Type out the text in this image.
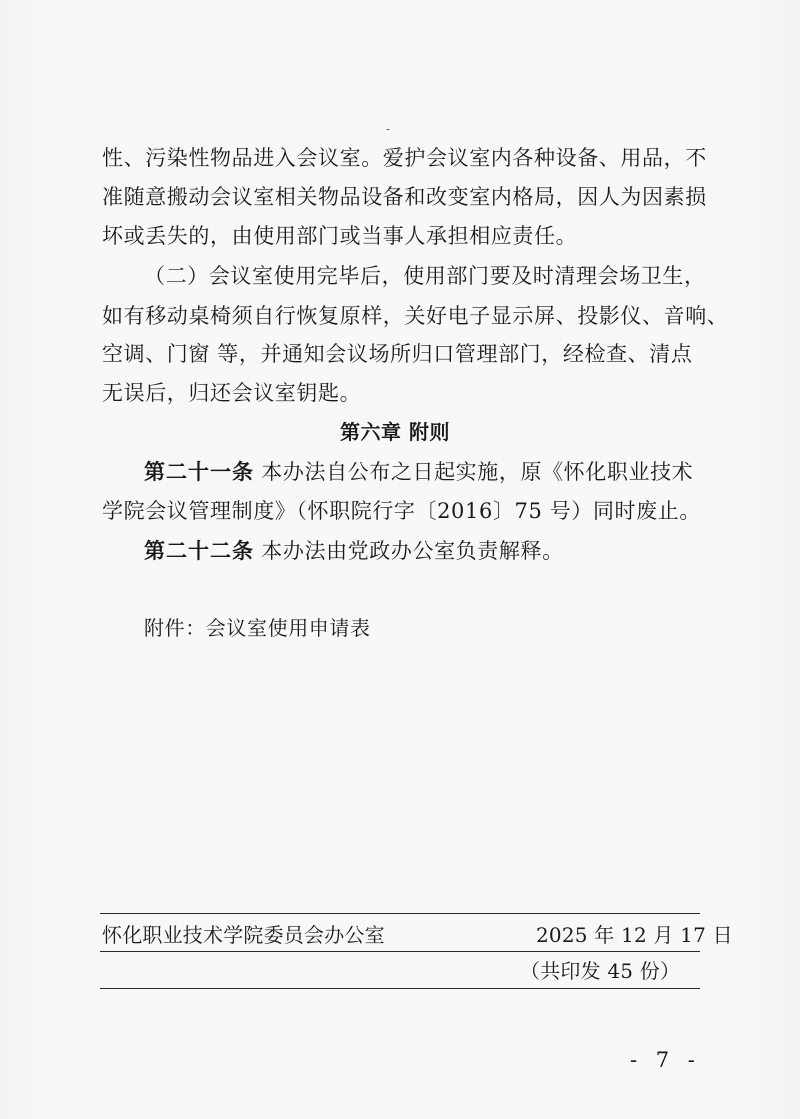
-
性、污染性物品进入会议室。爱护会议室内各种设备、用品，不
准随意搬动会议室相关物品设备和改变室内格局，因人为因素损
坏或丢失的，由使用部门或当事人承担相应责任。
（二）会议室使用完毕后，使用部门要及时清理会场卫生，
如有移动桌椅须自行恢复原样，关好电子显示屏、投影仪、音响、
空调、门窗 等，并通知会议场所归口管理部门，经检查、清点
无误后，归还会议室钥匙。
第六章 附则
第二十一条 本办法自公布之日起实施，原《怀化职业技术
学院会议管理制度》（怀职院行字〔2016〕75 号）同时废止。
第二十二条 本办法由党政办公室负责解释。
附件：会议室使用申请表
怀化职业技术学院委员会办公室	2025 年 12 月 17 日
（共印发 45 份）
- 7 -
